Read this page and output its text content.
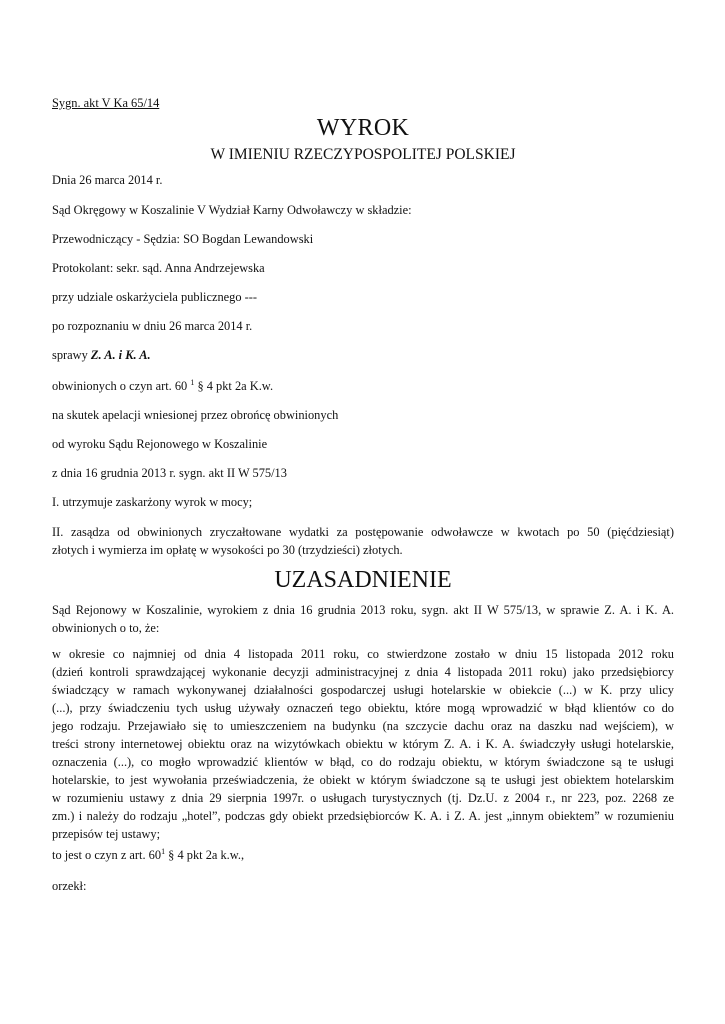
Sygn. akt V Ka 65/14
WYROK
W IMIENIU RZECZYPOSPOLITEJ POLSKIEJ
Dnia 26 marca 2014 r.
Sąd Okręgowy w Koszalinie V Wydział Karny Odwoławczy w składzie:
Przewodniczący - Sędzia: SO Bogdan Lewandowski
Protokolant: sekr. sąd. Anna Andrzejewska
przy udziale oskarżyciela publicznego ---
po rozpoznaniu w dniu 26 marca 2014 r.
sprawy Z. A. i K. A.
obwinionych o czyn art. 60 $^1$ § 4 pkt 2a K.w.
na skutek apelacji wniesionej przez obrońcę obwinionych
od wyroku Sądu Rejonowego w Koszalinie
z dnia 16 grudnia 2013 r. sygn. akt II W 575/13
I. utrzymuje zaskarżony wyrok w mocy;
II. zasądza od obwinionych zryczałtowane wydatki za postępowanie odwoławcze w kwotach po 50 (pięćdziesiąt)
złotych i wymierza im opłatę w wysokości po 30 (trzydzieści) złotych.
UZASADNIENIE
Sąd Rejonowy w Koszalinie, wyrokiem z dnia 16 grudnia 2013 roku, sygn. akt II W 575/13, w sprawie Z. A. i K. A.
obwinionych o to, że:
w okresie co najmniej od dnia 4 listopada 2011 roku, co stwierdzone zostało w dniu 15 listopada 2012 roku
(dzień kontroli sprawdzającej wykonanie decyzji administracyjnej z dnia 4 listopada 2011 roku) jako przedsiębiorcy
świadczący w ramach wykonywanej działalności gospodarczej usługi hotelarskie w obiekcie (...) w K. przy ulicy
(...), przy świadczeniu tych usług używały oznaczeń tego obiektu, które mogą wprowadzić w błąd klientów co do
jego rodzaju. Przejawiało się to umieszczeniem na budynku (na szczycie dachu oraz na daszku nad wejściem), w
treści strony internetowej obiektu oraz na wizytówkach obiektu w którym Z. A. i K. A. świadczyły usługi hotelarskie,
oznaczenia (...), co mogło wprowadzić klientów w błąd, co do rodzaju obiektu, w którym świadczone są te usługi
hotelarskie, to jest wywołania przeświadczenia, że obiekt w którym świadczone są te usługi jest obiektem hotelarskim
w rozumieniu ustawy z dnia 29 sierpnia 1997r. o usługach turystycznych (tj. Dz.U. z 2004 r., nr 223, poz. 2268 ze
zm.) i należy do rodzaju „hotel”, podczas gdy obiekt przedsiębiorców K. A. i Z. A. jest „innym obiektem” w rozumieniu
przepisów tej ustawy;
to jest o czyn z art. $60^1$ § 4 pkt 2a k.w.,
orzekł:
